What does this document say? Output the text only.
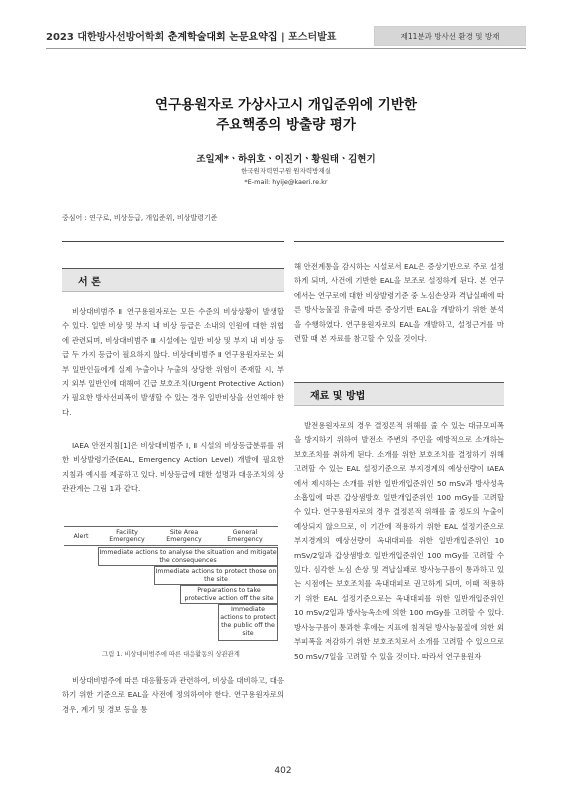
2023 대한방사선방어학회 춘계학술대회 논문요약집 | 포스터발표	제11분과 방사선 환경 및 방재
연구용원자로 가상사고시 개입준위에 기반한
주요핵종의 방출량 평가
조일제*ㆍ하위호ㆍ이진기ㆍ황원태ㆍ김현기
한국원자력연구원 원자력방재실
*E-mail: hyije@kaeri.re.kr
중심어 : 연구로, 비상등급, 개입준위, 비상발령기준
서 론

비상대비범주 Ⅱ 연구용원자로는 모든 수준의 비상상황이 발생할 수 있다. 일반 비상 및 부지 내 비상 등급은 소내의 인원에 대한 위협에 관련되며, 비상대비범주 Ⅲ 시설에는 일반 비상 및 부지 내 비상 등급 두 가지 등급이 필요하지 않다. 비상대비범주 Ⅱ 연구용원자로는 외부 일반인들에게 실제 누출이나 누출의 상당한 위험이 존재할 시, 부지 외부 일반인에 대해여 긴급 보호조치(Urgent Protective Action)가 필요한 방사선피폭이 발생할 수 있는 경우 일반비상을 선언해야 한다.

IAEA 안전지침[1]은 비상대비범주 Ⅰ, Ⅱ 시설의 비상등급분류를 위한 비상발령기준(EAL, Emergency Action Level) 개발에 필요한 지침과 예시를 제공하고 있다. 비상등급에 대한 설명과 대응조치의 상관관계는 그림 1과 같다.

Alert
Facility Emergency
Site Area Emergency
General Emergency
Immediate actions to analyse the situation and mitigate the consequences
Immediate actions to protect those on the site
Preparations to take protective action off the site
Immediate actions to protect the public off the site
그림 1. 비상대비범주에 따른 대응활동의 상관관계

비상대비범주에 따른 대응활동과 관련하여, 비상을 대비하고, 대응하기 위한 기준으로 EAL을 사전에 정의하여야 한다. 연구용원자로의 경우, 계기 및 경보 등을 통

해 안전계통을 감시하는 시설로서 EAL은 증상기반으로 주로 설정하게 되며, 사건에 기반한 EAL을 보조로 설정하게 된다. 본 연구에서는 연구로에 대한 비상발령기준 중 노심손상과 격납실패에 따른 방사능물질 유출에 따른 증상기반 EAL을 개발하기 위한 분석을 수행하였다. 연구용원자로의 EAL을 개발하고, 설정근거를 마련할 때 본 자료를 참고할 수 있을 것이다.

재료 및 방법

발전용원자로의 경우 결정론적 위해를 줄 수 있는 대규모피폭을 방지하기 위하여 발전소 주변의 주민을 예방적으로 소개하는 보호조치를 취하게 된다. 소개를 위한 보호조치를 결정하기 위해 고려할 수 있는 EAL 설정기준으로 부지경계의 예상선량이 IAEA에서 제시하는 소개를 위한 일반개입준위인 50 mSv과 방사성옥소흡입에 따른 갑상샘방호 일반개입준위인 100 mGy를 고려할 수 있다. 연구용원자로의 경우 결정론적 위해를 줄 정도의 누출이 예상되지 않으므로, 이 기간에 적용하기 위한 EAL 설정기준으로 부지경계의 예상선량이 옥내대피를 위한 일반개입준위인 10 mSv/2일과 갑상샘방호 일반개입준위인 100 mGy를 고려할 수 있다. 심각한 노심 손상 및 격납실패로 방사능구름이 통과하고 있는 시점에는 보호조치를 옥내대피로 권고하게 되며, 이때 적용하기 위한 EAL 설정기준으로는 옥내대피를 위한 일반개입준위인 10 mSv/2일과 방사능옥소에 의한 100 mGy를 고려할 수 있다. 방사능구름이 통과한 후에는 지표에 침적된 방사능물질에 의한 외부피폭을 저감하기 위한 보호조치로서 소개를 고려할 수 있으므로 50 mSv/7일을 고려할 수 있을 것이다. 따라서 연구용원자

402
